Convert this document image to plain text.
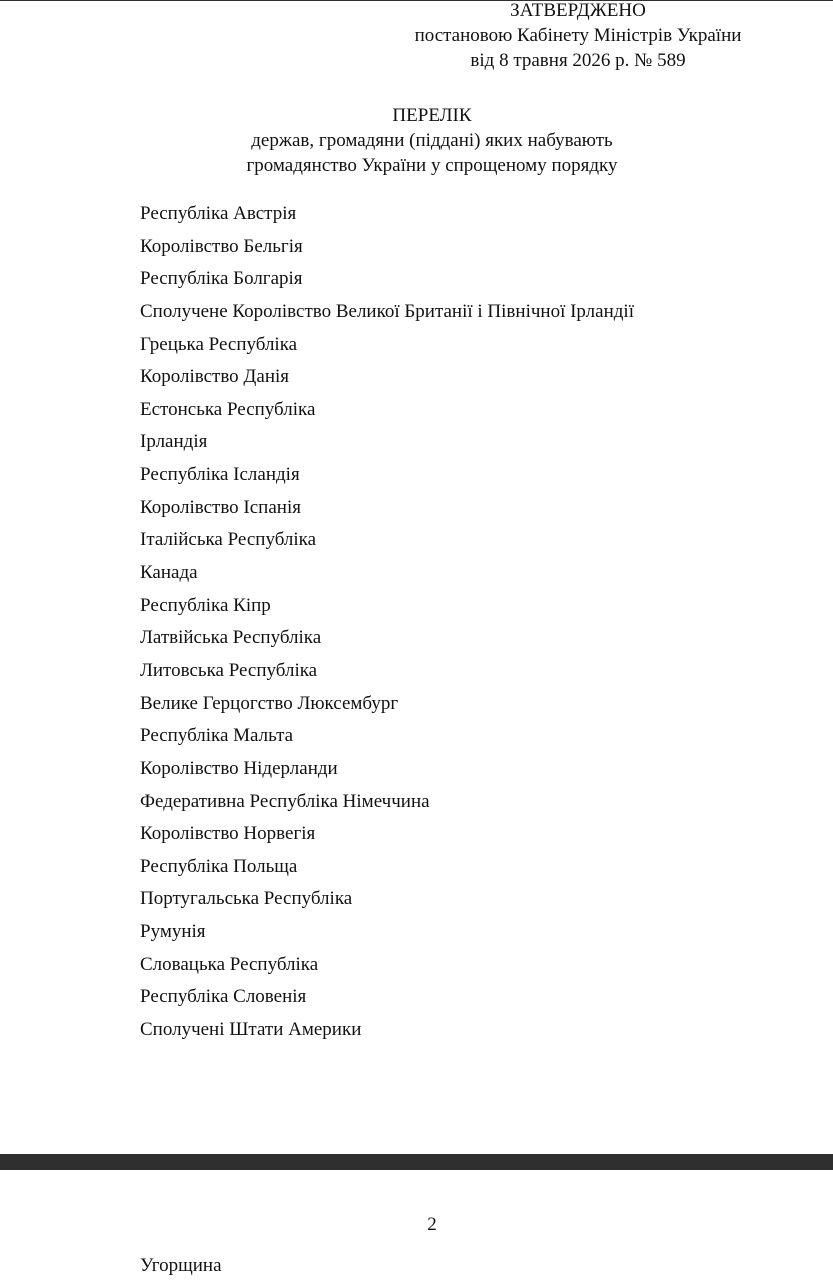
ЗАТВЕРДЖЕНО
постановою Кабінету Міністрів України
від 8 травня 2026 р. № 589
ПЕРЕЛІК
держав, громадяни (піддані) яких набувають
громадянство України у спрощеному порядку
Республіка Австрія
Королівство Бельгія
Республіка Болгарія
Сполучене Королівство Великої Британії і Північної Ірландії
Грецька Республіка
Королівство Данія
Естонська Республіка
Ірландія
Республіка Ісландія
Королівство Іспанія
Італійська Республіка
Канада
Республіка Кіпр
Латвійська Республіка
Литовська Республіка
Велике Герцогство Люксембург
Республіка Мальта
Королівство Нідерланди
Федеративна Республіка Німеччина
Королівство Норвегія
Республіка Польща
Португальська Республіка
Румунія
Словацька Республіка
Республіка Словенія
Сполучені Штати Америки
2
Угорщина
